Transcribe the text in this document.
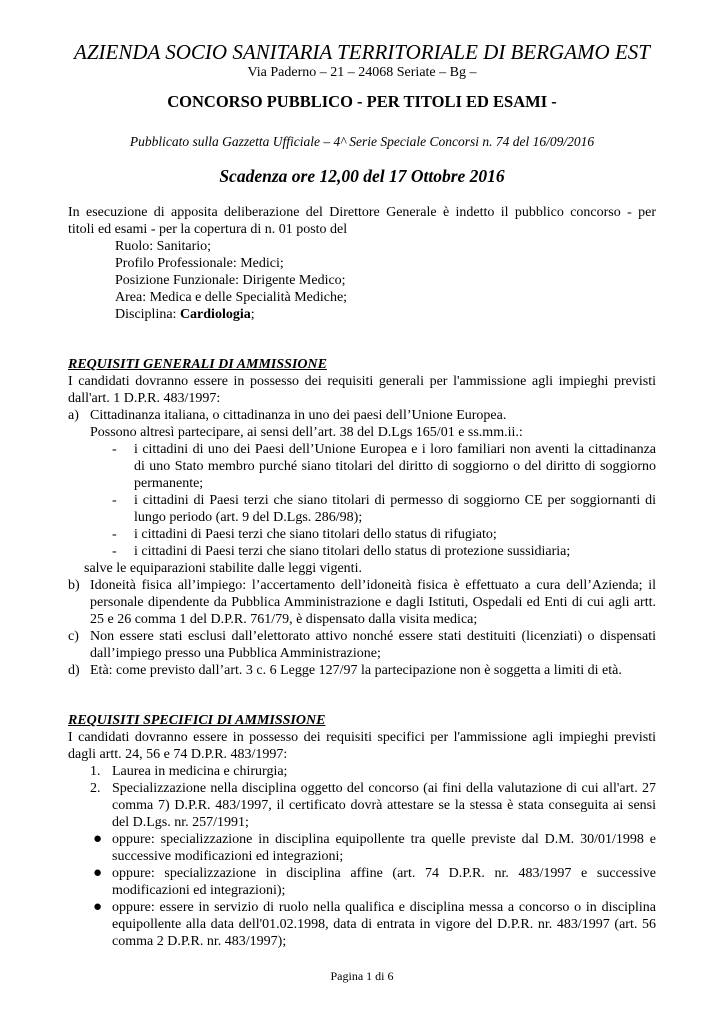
AZIENDA SOCIO SANITARIA TERRITORIALE DI BERGAMO EST
Via Paderno – 21 – 24068 Seriate – Bg –
CONCORSO PUBBLICO - PER TITOLI ED ESAMI -
Pubblicato sulla Gazzetta Ufficiale – 4^ Serie Speciale Concorsi n. 74 del 16/09/2016
Scadenza ore 12,00 del 17 Ottobre 2016
In esecuzione di apposita deliberazione del Direttore Generale è indetto il pubblico concorso - per
titoli ed esami - per la copertura di n. 01 posto del
Ruolo: Sanitario;
Profilo Professionale: Medici;
Posizione Funzionale: Dirigente Medico;
Area: Medica e delle Specialità Mediche;
Disciplina: Cardiologia;
REQUISITI GENERALI DI AMMISSIONE
I candidati dovranno essere in possesso dei requisiti generali per l'ammissione agli impieghi previsti
dall'art. 1 D.P.R. 483/1997:
a) Cittadinanza italiana, o cittadinanza in uno dei paesi dell’Unione Europea.
Possono altresì partecipare, ai sensi dell’art. 38 del D.Lgs 165/01 e ss.mm.ii.:
-	i cittadini di uno dei Paesi dell’Unione Europea e i loro familiari non aventi la cittadinanza
di uno Stato membro purché siano titolari del diritto di soggiorno o del diritto di soggiorno
permanente;
-	i cittadini di Paesi terzi che siano titolari di permesso di soggiorno CE per soggiornanti di
lungo periodo (art. 9 del D.Lgs. 286/98);
-	i cittadini di Paesi terzi che siano titolari dello status di rifugiato;
-	i cittadini di Paesi terzi che siano titolari dello status di protezione sussidiaria;
salve le equiparazioni stabilite dalle leggi vigenti.
b) Idoneità fisica all’impiego: l’accertamento dell’idoneità fisica è effettuato a cura dell’Azienda; il
personale dipendente da Pubblica Amministrazione e dagli Istituti, Ospedali ed Enti di cui agli artt.
25 e 26 comma 1 del D.P.R. 761/79, è dispensato dalla visita medica;
c) Non essere stati esclusi dall’elettorato attivo nonché essere stati destituiti (licenziati) o dispensati
dall’impiego presso una Pubblica Amministrazione;
d) Età: come previsto dall’art. 3 c. 6 Legge 127/97 la partecipazione non è soggetta a limiti di età.
REQUISITI SPECIFICI DI AMMISSIONE
I candidati dovranno essere in possesso dei requisiti specifici per l'ammissione agli impieghi previsti
dagli artt. 24, 56 e 74 D.P.R. 483/1997:
1. Laurea in medicina e chirurgia;
2. Specializzazione nella disciplina oggetto del concorso (ai fini della valutazione di cui all'art. 27
comma 7) D.P.R. 483/1997, il certificato dovrà attestare se la stessa è stata conseguita ai sensi
del D.Lgs. nr. 257/1991;
● oppure: specializzazione in disciplina equipollente tra quelle previste dal D.M. 30/01/1998 e
successive modificazioni ed integrazioni;
● oppure: specializzazione in disciplina affine (art. 74 D.P.R. nr. 483/1997 e successive
modificazioni ed integrazioni);
● oppure: essere in servizio di ruolo nella qualifica e disciplina messa a concorso o in disciplina
equipollente alla data dell'01.02.1998, data di entrata in vigore del D.P.R. nr. 483/1997 (art. 56
comma 2 D.P.R. nr. 483/1997);
Pagina 1 di 6
